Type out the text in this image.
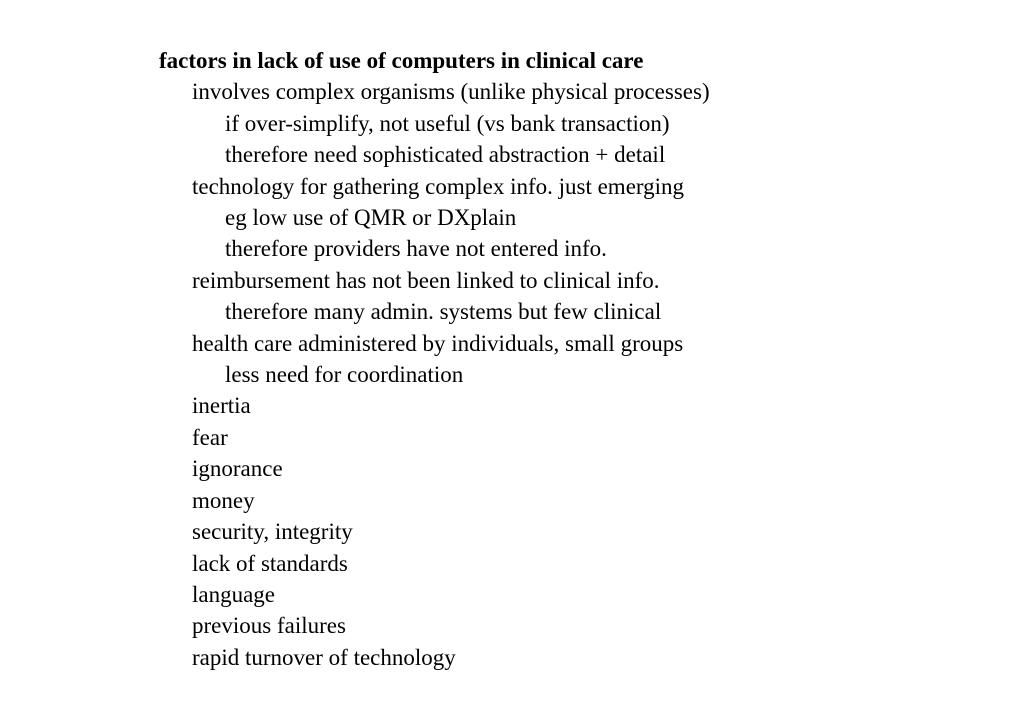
factors in lack of use of computers in clinical care
involves complex organisms (unlike physical processes)
if over-simplify, not useful (vs bank transaction)
therefore need sophisticated abstraction + detail
technology for gathering complex info. just emerging
eg low use of QMR or DXplain
therefore providers have not entered info.
reimbursement has not been linked to clinical info.
therefore many admin. systems but few clinical
health care administered by individuals, small groups
less need for coordination
inertia
fear
ignorance
money
security, integrity
lack of standards
language
previous failures
rapid turnover of technology
